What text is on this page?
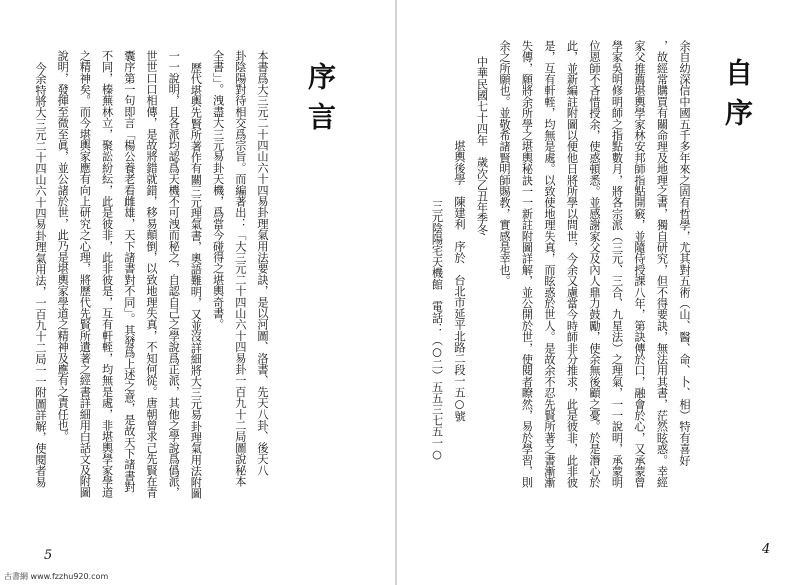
序言
本書爲大三元二十四山六十四易卦理氣用法要訣，是以河圖、洛書、先天八卦、後天八
卦陰陽對待相交爲宗旨。而編著出：「大三元二十四山六十四易卦一百九十二局圖說秘本
全書」」。洩盡大三元易卦天機，爲當今碰得之堪輿奇書。
歷代堪輿先賢所著作有關三元理氣書，奧語難明，又並沒詳細將大三元易卦理氣用法附圖
一一說明，且各派均認爲天機不可洩而秘之，自認自己之學說爲正派，其他之學說爲僞派，
世世口口相傳，是故將錯就錯，移易顛倒，以致地理失真，不知何從。唐朝曾求己先賢在青
囊序第一句即言「楊公養老看雌雄，天下諸書對不同」。其發爲上述之意，是故天下諸書對
不同，榛蕪林立，聚訟紛紜，此是彼非，此非彼是，互有軒輊，均無是處，非堪輿學家學道
之精神矣。而今堪輿家應有向上研究之心理，將歷代先賢所遺著之經書詳細用白話文及附圖
說明，發揮至微至眞，並公諸於世，此乃是堪輿家學道之精神及應有之責任也。
今余特將大三元二十四山六十四易卦理氣用法，一百九十二局一一附圖詳解，使閱者易
5
自序
余自幼深信中國五千多年來之固有哲學，尤其對五術（山、醫、命、卜、相）特有喜好
，故經常購買有關命理及地理之書，獨自研究，但不得要訣，無法用其書，茫然眩惑。幸經
家父推薦堪輿學家林安邦師指點開竅，並隨侍授課八年，第訣傳於口，融會於心，又承蒙曾
學家吳明修明師之指點數月，將各宗派（三元、三合、九星法）之理氣，一一說明，承蒙明
位恩師不吝惜授余，使惑頓悉。並感謝家父及內人鼎力鼓勵，使余無後顧之憂。於是潛心於
此，並新編註附圖以便他日將所學以問世，今余又慮當今時師非分推求，此是彼非，此非彼
是，互有軒輊，均無是處。以致使地理失真，而眩惑於世人。是故余不忍先賢所著之書漸漸
失傳，願將余所學之堪輿秘訣一一新註附圖詳解，並公開於世，使閱者瞭然，易於學習，則
余之所願也。並敬希諸賢明師賜教，實感是幸也。
中華民國七十四年　歲次乙丑年季冬
堪輿後學　陳建利　序於　台北市延平北路二段一五○號
三元陰陽宅天機館　電話：（○二）五五三七五一○
4
古書網 www.fzzhu920.com
